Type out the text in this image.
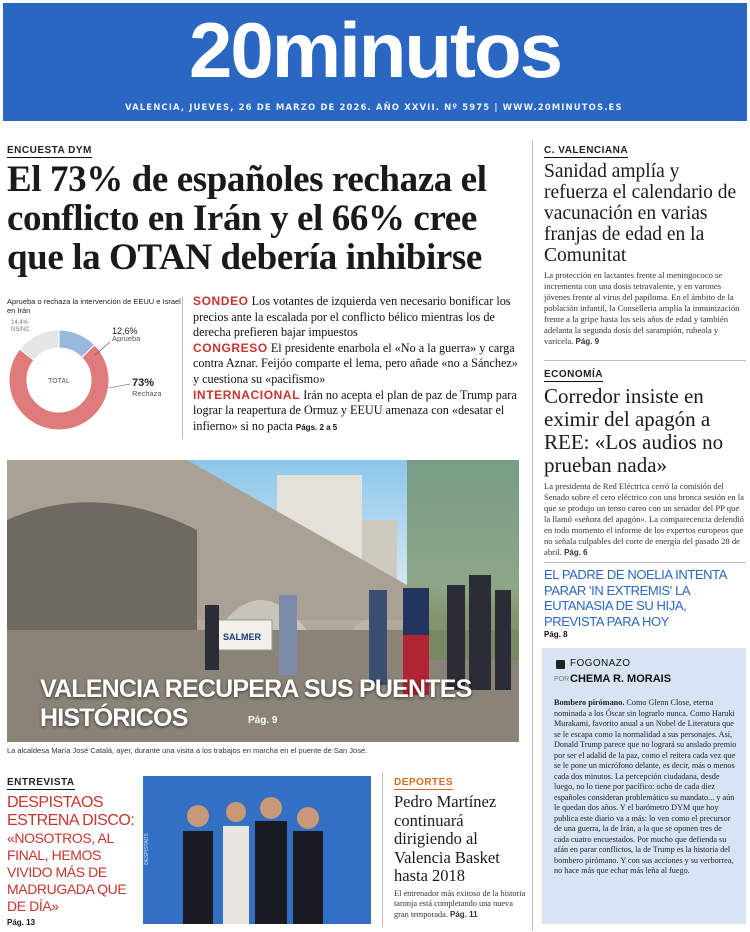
20minutos
VALENCIA, JUEVES, 26 DE MARZO DE 2026. AÑO XXVII. Nº 5975 | WWW.20MINUTOS.ES
ENCUESTA DYM
El 73% de españoles rechaza el conflicto en Irán y el 66% cree que la OTAN debería inhibirse
Aprueba o rechaza la intervención de EEUU e Israel en Irán
TOTAL
12,6%
Aprueba
73%
Rechaza
14,4%
NS/NC

SONDEO Los votantes de izquierda ven necesario bonificar los precios ante la escalada por el conflicto bélico mientras los de derecha prefieren bajar impuestos

CONGRESO El presidente enarbola el «No a la guerra» y carga contra Aznar. Feijóo comparte el lema, pero añade «no a Sánchez» y cuestiona su «pacifismo»

INTERNACIONAL Irán no acepta el plan de paz de Trump para lograr la reapertura de Ormuz y EEUU amenaza con «desatar el infierno» si no pacta Págs. 2 a 5

SALMER
VALENCIA RECUPERA SUS PUENTES HISTÓRICOS	Pág. 9
La alcaldesa María José Catalá, ayer, durante una visita a los trabajos en marcha en el puente de San José.
C. VALENCIANA
Sanidad amplía y refuerza el calendario de vacunación en varias franjas de edad en la Comunitat
La protección en lactantes frente al meningococo se incrementa con una dosis tetravalente, y en varones jóvenes frente al virus del papiloma. En el ámbito de la población infantil, la Conselleria amplía la inmunización frente a la gripe hasta los seis años de edad y también adelanta la segunda dosis del sarampión, rubeola y varicela. Pág. 9
ECONOMÍA
Corredor insiste en eximir del apagón a REE: «Los audios no prueban nada»
La presidenta de Red Eléctrica cerró la comisión del Senado sobre el cero eléctrico con una bronca sesión en la que se produjo un tenso careo con un senador del PP que la llamó «señora del apagón». La comparecencia defendió en todo momento el informe de los expertos europeos que no señala culpables del corte de energía del pasado 28 de abril. Pág. 6
EL PADRE DE NOELIA INTENTA PARAR 'IN EXTREMIS' LA EUTANASIA DE SU HIJA, PREVISTA PARA HOY
Pág. 8
FOGONAZO
POR CHEMA R. MORAIS
Bombero pirómano. Como Glenn Close, eterna nominada a los Óscar sin lograrlo nunca. Como Haruki Murakami, favorito anual a un Nobel de Literatura que se le escapa como la normalidad a sus personajes. Así, Donald Trump parece que no logrará su anslado premio por ser el adalid de la paz, como el reitera cada vez que se le pone un micrófono delante, es decir, más o menos cada dos minutos. La percepción ciudadana, desde luego, no lo tiene por pacífico: ocho de cada diez españoles consideran problemático su mandato... y aún le quedan dos años. Y el barómetro DYM que hoy publica este diario va a más: lo ven como el precursor de una guerra, la de Irán, a la que se oponen tres de cada cuatro encuestados. Por mucho que defienda su afán en parar conflictos, la de Trump es la historia del bombero pirómano. Y con sus acciones y su verborrea, no hace más que echar más leña al fuego.
ENTREVISTA
DESPISTAOS ESTRENA DISCO:
«NOSOTROS, AL FINAL, HEMOS VIVIDO MÁS DE MADRUGADA QUE DE DÍA»
Pág. 13
DESPISTAOS
DEPORTES
Pedro Martínez continuará dirigiendo al Valencia Basket hasta 2018
El entrenador más exitoso de la historia taronja está completando una nueva gran temporada. Pág. 11
